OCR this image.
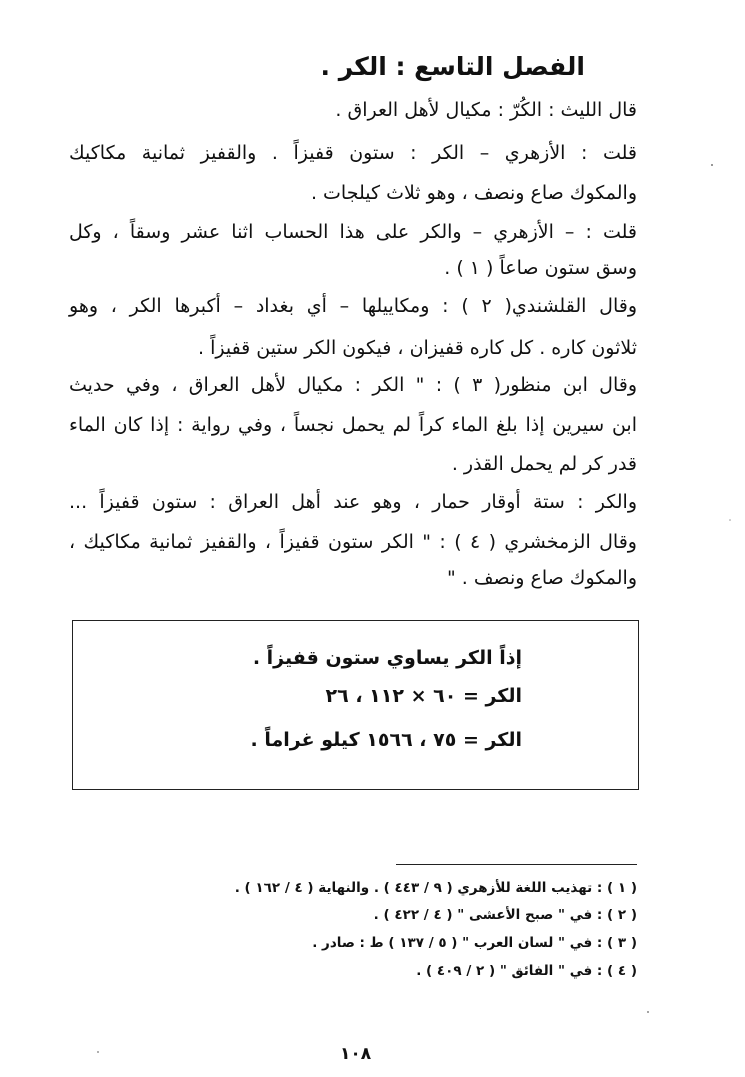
الفصل التاسع : الكر .
قال الليث : الكُرّ : مكيال لأهل العراق .
قلت : الأزهري – الكر : ستون قفيزاً . والقفيز ثمانية مكاكيك
والمكوك صاع ونصف ، وهو ثلاث كيلجات .
قلت : – الأزهري – والكر على هذا الحساب اثنا عشر وسقاً ، وكل
وسق ستون صاعاً ( ١ ) .
وقال القلشندي( ٢ ) : ومكاييلها – أي بغداد – أكبرها الكر ، وهو
ثلاثون كاره . كل كاره قفيزان ، فيكون الكر ستين قفيزاً .
وقال ابن منظور( ٣ ) : " الكر : مكيال لأهل العراق ، وفي حديث
ابن سيرين إذا بلغ الماء كراً لم يحمل نجساً ، وفي رواية : إذا كان الماء
قدر كر لم يحمل القذر .
والكر : ستة أوقار حمار ، وهو عند أهل العراق : ستون قفيزاً ...
وقال الزمخشري ( ٤ ) : " الكر ستون قفيزاً ، والقفيز ثمانية مكاكيك ،
والمكوك صاع ونصف . "
إذاً الكر يساوي ستون قفيزاً .
الكر = ٦٠ × ١١٢ ، ٢٦
الكر = ٧٥ ، ١٥٦٦ كيلو غراماً .
( ١ ) : تهذيب اللغة للأزهري ( ٩ / ٤٤٣ ) . والنهاية ( ٤ / ١٦٢ ) .
( ٢ ) : في " صبح الأعشى " ( ٤ / ٤٢٢ ) .
( ٣ ) : في " لسان العرب " ( ٥ / ١٣٧ ) ط : صادر .
( ٤ ) : في " الفائق " ( ٢ / ٤٠٩ ) .
١٠٨
